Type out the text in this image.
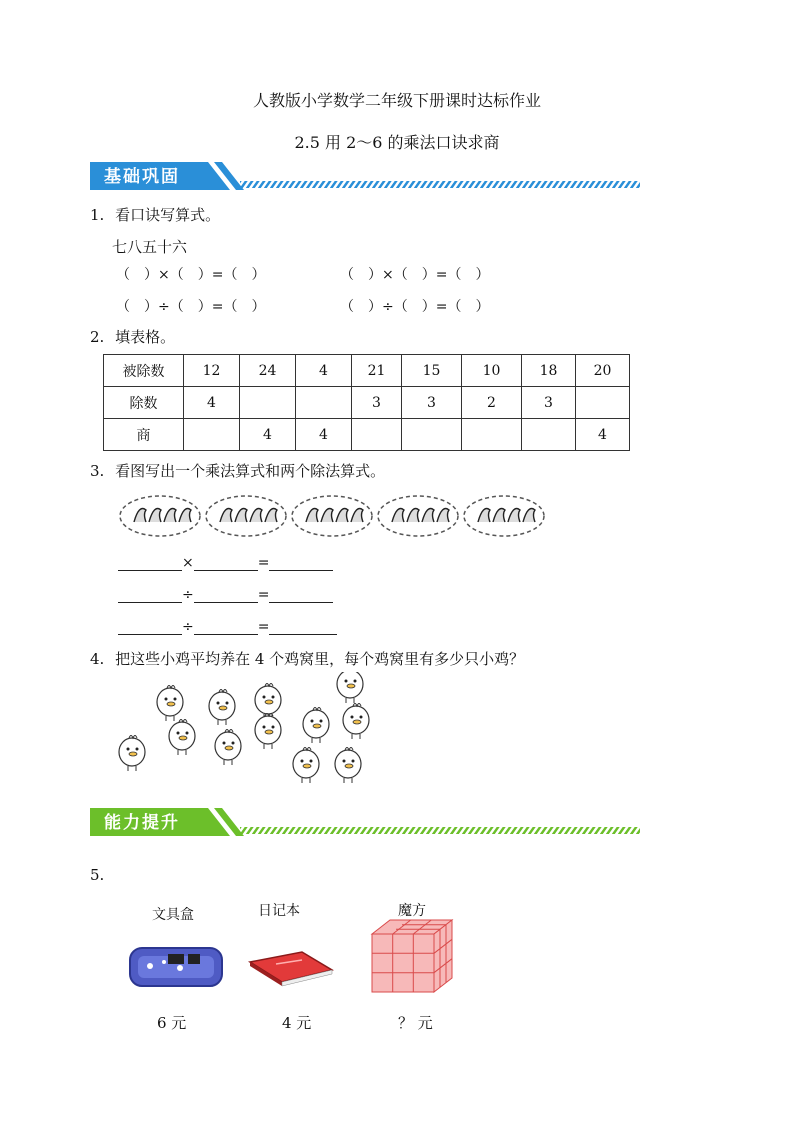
人教版小学数学二年级下册课时达标作业
2.5 用 2～6 的乘法口诀求商
基础巩固
1. 看口诀写算式。
七八五十六
（　）×（　）=（　）	（　）×（　）=（　）
（　）÷（　）=（　）	（　）÷（　）=（　）
2. 填表格。
被除数	12	24	4	21	15	10	18	20
除数	4			3	3	2	3	
商		4	4					4
3. 看图写出一个乘法算式和两个除法算式。
×	=
÷	=
÷	=
4. 把这些小鸡平均养在 4 个鸡窝里，每个鸡窝里有多少只小鸡？
能力提升
5.
文具盒	日记本	魔方
6 元	4 元	？ 元
